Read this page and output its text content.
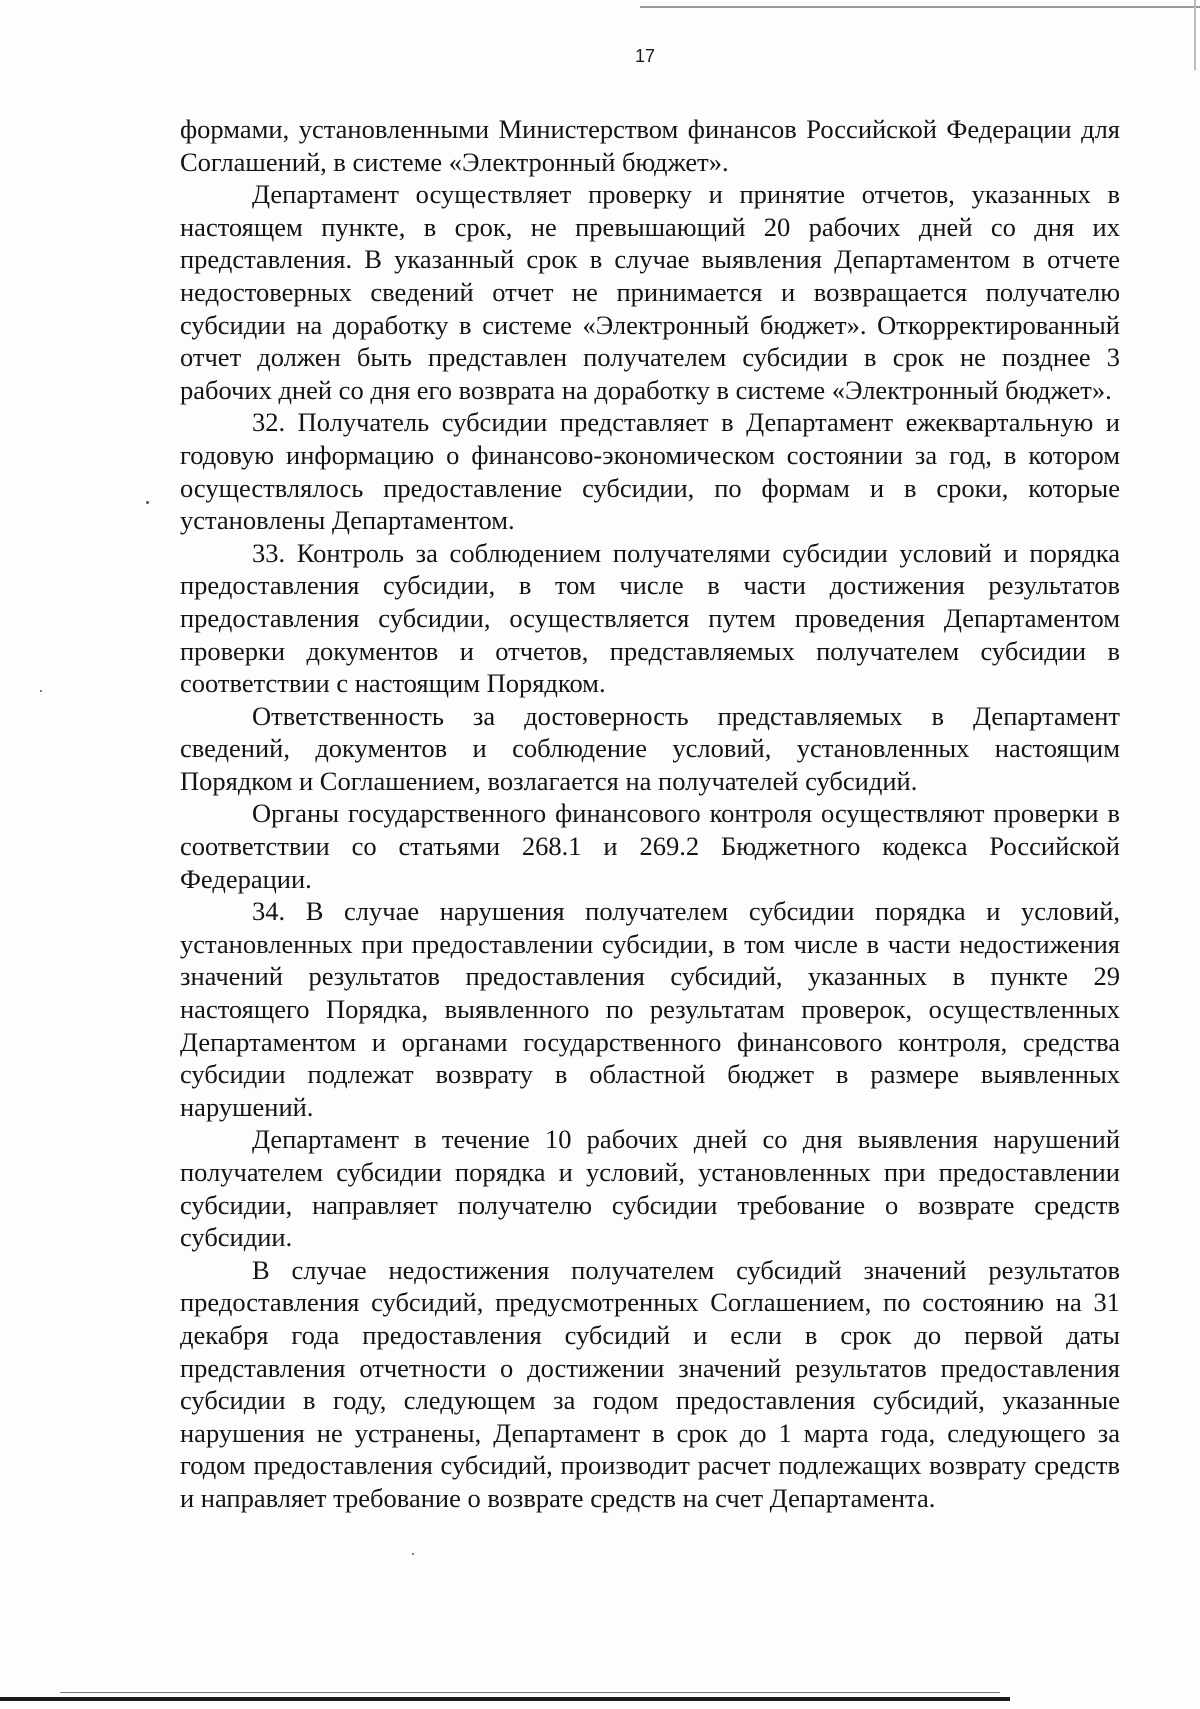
17

формами, установленными Министерством финансов Российской Федерации для Соглашений, в системе «Электронный бюджет».

Департамент осуществляет проверку и принятие отчетов, указанных в настоящем пункте, в срок, не превышающий 20 рабочих дней со дня их представления. В указанный срок в случае выявления Департаментом в отчете недостоверных сведений отчет не принимается и возвращается получателю субсидии на доработку в системе «Электронный бюджет». Откорректированный отчет должен быть представлен получателем субсидии в срок не позднее 3 рабочих дней со дня его возврата на доработку в системе «Электронный бюджет».

32. Получатель субсидии представляет в Департамент ежеквартальную и годовую информацию о финансово-экономическом состоянии за год, в котором осуществлялось предоставление субсидии, по формам и в сроки, которые установлены Департаментом.

33. Контроль за соблюдением получателями субсидии условий и порядка предоставления субсидии, в том числе в части достижения результатов предоставления субсидии, осуществляется путем проведения Департаментом проверки документов и отчетов, представляемых получателем субсидии в соответствии с настоящим Порядком.

Ответственность за достоверность представляемых в Департамент сведений, документов и соблюдение условий, установленных настоящим Порядком и Соглашением, возлагается на получателей субсидий.

Органы государственного финансового контроля осуществляют проверки в соответствии со статьями 268.1 и 269.2 Бюджетного кодекса Российской Федерации.

34. В случае нарушения получателем субсидии порядка и условий, установленных при предоставлении субсидии, в том числе в части недостижения значений результатов предоставления субсидий, указанных в пункте 29 настоящего Порядка, выявленного по результатам проверок, осуществленных Департаментом и органами государственного финансового контроля, средства субсидии подлежат возврату в областной бюджет в размере выявленных нарушений.

Департамент в течение 10 рабочих дней со дня выявления нарушений получателем субсидии порядка и условий, установленных при предоставлении субсидии, направляет получателю субсидии требование о возврате средств субсидии.

В случае недостижения получателем субсидий значений результатов предоставления субсидий, предусмотренных Соглашением, по состоянию на 31 декабря года предоставления субсидий и если в срок до первой даты представления отчетности о достижении значений результатов предоставления субсидии в году, следующем за годом предоставления субсидий, указанные нарушения не устранены, Департамент в срок до 1 марта года, следующего за годом предоставления субсидий, производит расчет подлежащих возврату средств и направляет требование о возврате средств на счет Департамента.
